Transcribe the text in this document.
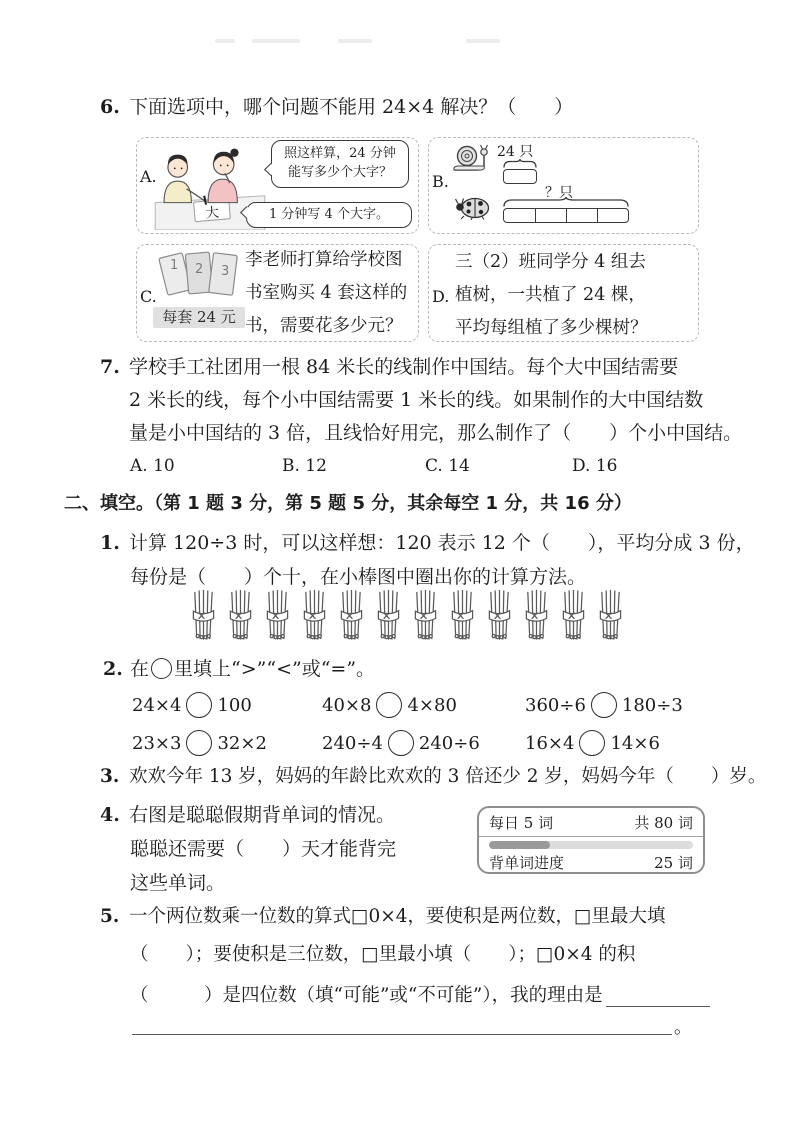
6. 下面选项中，哪个问题不能用 24×4 解决？（　　）
A.
大
照这样算，24 分钟
能写多少个大字？
1 分钟写 4 个大字。
B.
24 只
？只
C.
1 2 3
每套 24 元
李老师打算给学校图
书室购买 4 套这样的
书，需要花多少元？
D.
三（2）班同学分 4 组去
植树，一共植了 24 棵，
平均每组植了多少棵树？
7. 学校手工社团用一根 84 米长的线制作中国结。每个大中国结需要
2 米长的线，每个小中国结需要 1 米长的线。如果制作的大中国结数
量是小中国结的 3 倍，且线恰好用完，那么制作了（　　）个小中国结。
A. 10	B. 12	C. 14	D. 16
二、填空。（第 1 题 3 分，第 5 题 5 分，其余每空 1 分，共 16 分）
1. 计算 120÷3 时，可以这样想：120 表示 12 个（　　），平均分成 3 份，
每份是（　　）个十，在小棒图中圈出你的计算方法。
2. 在 里填上“>”“<”或“=”。
24×4 100	40×8 4×80	360÷6 180÷3
23×3 32×2	240÷4 240÷6	16×4 14×6
3. 欢欢今年 13 岁，妈妈的年龄比欢欢的 3 倍还少 2 岁，妈妈今年（　　）岁。
4. 右图是聪聪假期背单词的情况。
聪聪还需要（　　）天才能背完
这些单词。
每日 5 词	共 80 词
背单词进度	25 词
5. 一个两位数乘一位数的算式□0×4，要使积是两位数，□里最大填
（　　）；要使积是三位数，□里最小填（　　）；□0×4 的积
（　　　）是四位数（填“可能”或“不可能”），我的理由是
。
